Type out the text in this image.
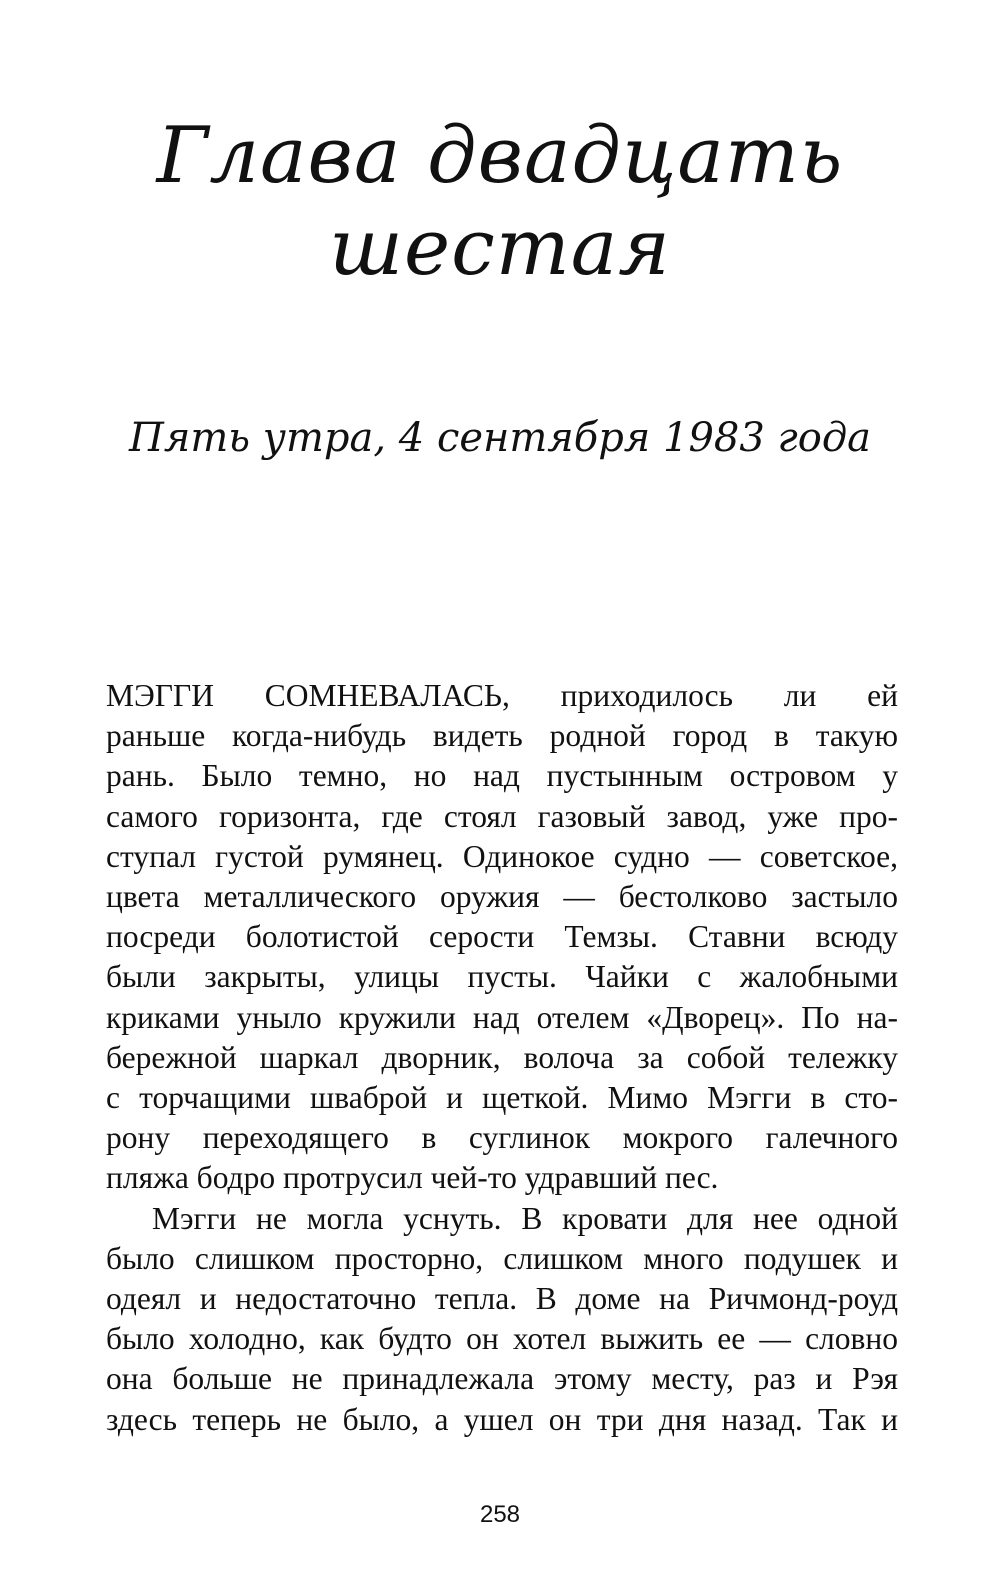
Глава двадцать
шестая
Пять утра, 4 сентября 1983 года
МЭГГИ СОМНЕВАЛАСЬ, приходилось ли ей
раньше когда-нибудь видеть родной город в такую
рань. Было темно, но над пустынным островом у
самого горизонта, где стоял газовый завод, уже про-
ступал густой румянец. Одинокое судно — советское,
цвета металлического оружия — бестолково застыло
посреди болотистой серости Темзы. Ставни всюду
были закрыты, улицы пусты. Чайки с жалобными
криками уныло кружили над отелем «Дворец». По на-
бережной шаркал дворник, волоча за собой тележку
с торчащими шваброй и щеткой. Мимо Мэгги в сто-
рону переходящего в суглинок мокрого галечного
пляжа бодро протрусил чей-то удравший пес.
Мэгги не могла уснуть. В кровати для нее одной
было слишком просторно, слишком много подушек и
одеял и недостаточно тепла. В доме на Ричмонд-роуд
было холодно, как будто он хотел выжить ее — словно
она больше не принадлежала этому месту, раз и Рэя
здесь теперь не было, а ушел он три дня назад. Так и
258
